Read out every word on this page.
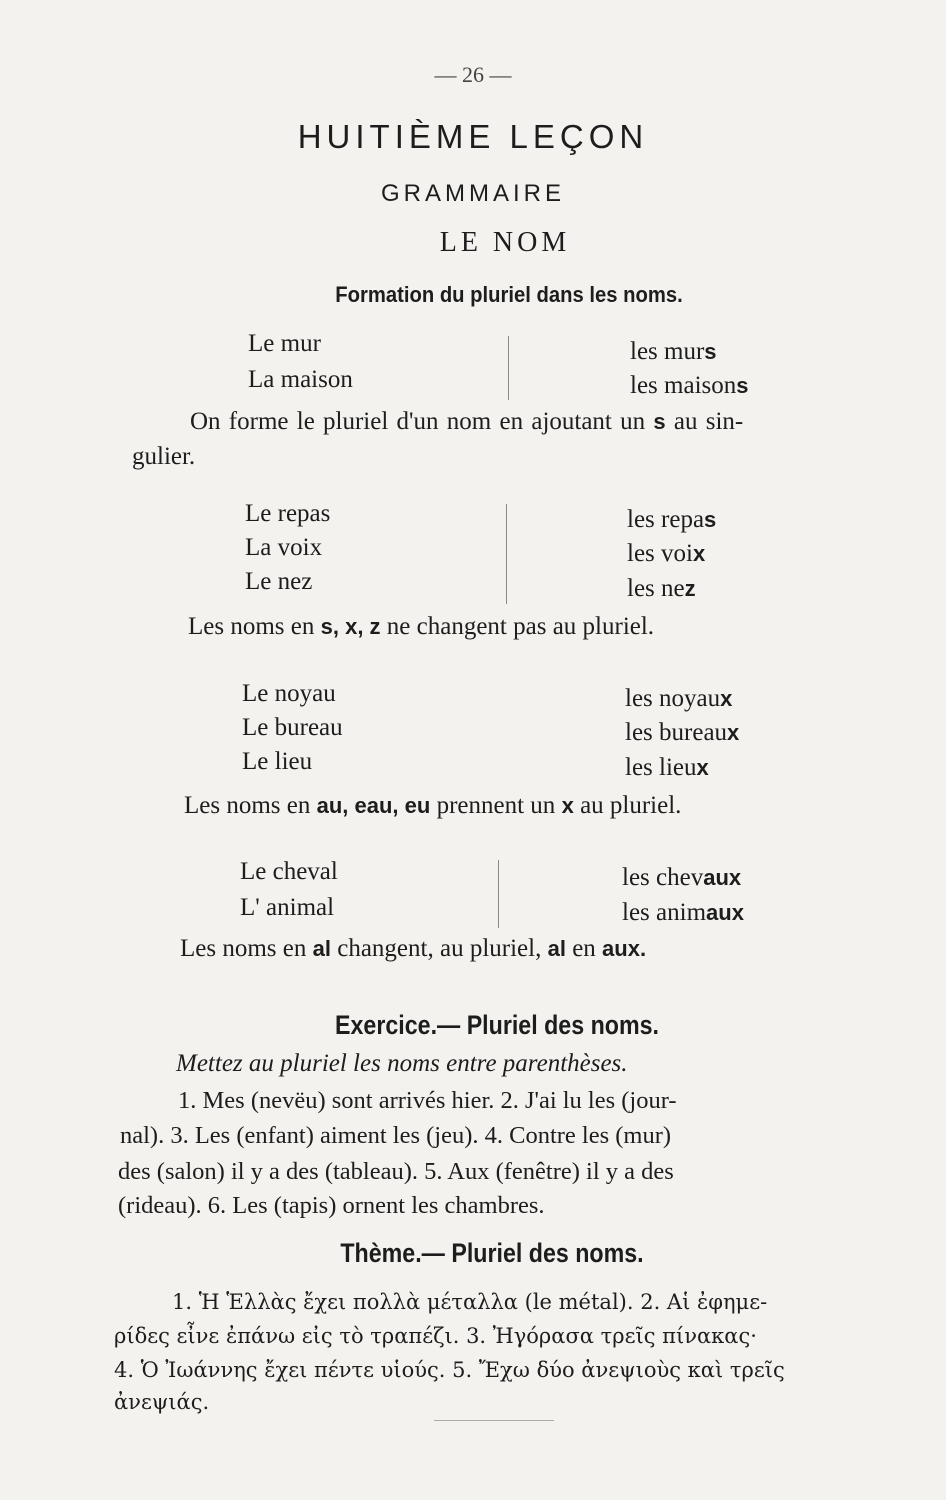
— 26 —
HUITIÈME LEÇON
GRAMMAIRE
LE NOM
Formation du pluriel dans les noms.
Le mur
La maison
les murs
les maisons
On forme le pluriel d'un nom en ajoutant un s au sin-
gulier.
Le repas
La voix
Le nez
les repas
les voix
les nez
Les noms en s, x, z ne changent pas au pluriel.
Le noyau
Le bureau
Le lieu
les noyaux
les bureaux
les lieux
Les noms en au, eau, eu prennent un x au pluriel.
Le cheval
L' animal
les chevaux
les animaux
Les noms en al changent, au pluriel, al en aux.
Exercice.— Pluriel des noms.
Mettez au pluriel les noms entre parenthèses.
1. Mes (nevëu) sont arrivés hier. 2. J'ai lu les (jour-
nal). 3. Les (enfant) aiment les (jeu). 4. Contre les (mur)
des (salon) il y a des (tableau). 5. Aux (fenêtre) il y a des
(rideau). 6. Les (tapis) ornent les chambres.
Thème.— Pluriel des noms.
1. Ἡ Ἑλλὰς ἔχει πολλὰ μέταλλα (le métal). 2. Αἱ ἐφημε-
ρίδες εἶνε ἐπάνω εἰς τὸ τραπέζι. 3. Ἠγόρασα τρεῖς πίνακας·
4. Ὁ Ἰωάννης ἔχει πέντε υἱούς. 5. Ἔχω δύο ἀνεψιοὺς καὶ τρεῖς
ἀνεψιάς.
